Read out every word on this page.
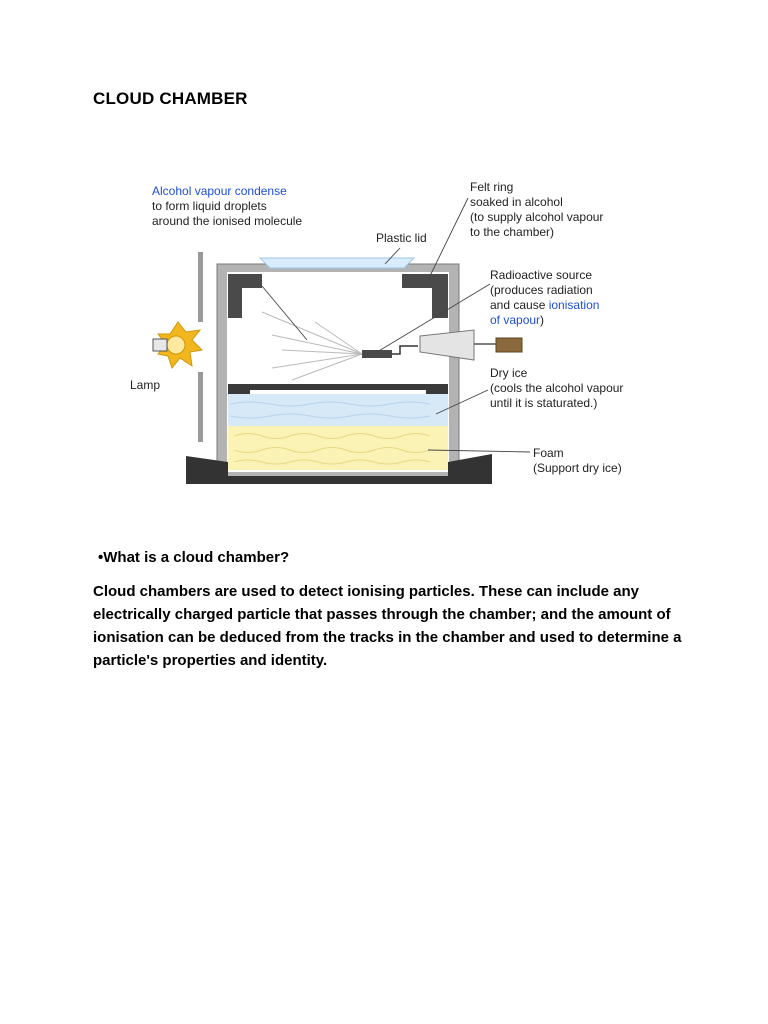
CLOUD CHAMBER
Alcohol vapour condense
to form liquid droplets
around the ionised molecule
Felt ring
soaked in alcohol
(to supply alcohol vapour
to the chamber)
Plastic lid
Radioactive source
(produces radiation
and cause ionisation
of vapour)
Lamp
Dry ice
(cools the alcohol vapour
until it is staturated.)
Foam
(Support dry ice)
•What is a cloud chamber?
Cloud chambers are used to detect ionising particles. These can include any electrically charged particle that passes through the chamber; and the amount of ionisation can be deduced from the tracks in the chamber and used to determine a particle's properties and identity.
